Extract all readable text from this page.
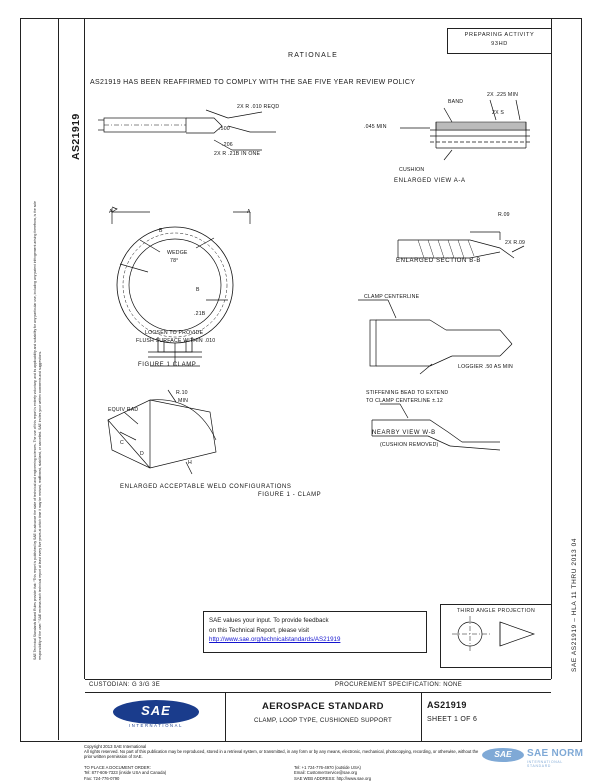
AS21919
SAE Technical Standards Board Rules provide that: “This report is published by SAE to advance the state of technical and engineering sciences. The use of this report is entirely voluntary, and its applicability and suitability for any particular use, including any patent infringement arising therefrom, is the sole responsibility of the user.” SAE reviews each technical report at least every five years at which time it may be revised, reaffirmed, stabilized, or cancelled. SAE invites your written comments and suggestions.	SAE AS21919 – HLA 11 THRU 2013 04
PREPARING ACTIVITY
93HD
RATIONALE
AS21919 HAS BEEN REAFFIRMED TO COMPLY WITH THE SAE FIVE YEAR REVIEW POLICY
2X R .010 REQD
.500
.206
2X R .21B IN ONE
2X .225 MIN
2X S
BAND
.045 MIN
CUSHION
ENLARGED VIEW A-A
R.09
2X R.09
ENLARGED SECTION B-B
CLAMP CENTERLINE
LOGGIER .50 AS MIN
STIFFENING BEAD TO EXTEND
TO CLAMP CENTERLINE ±.12
NEARBY VIEW W-B
(CUSHION REMOVED)
A	A
B
B
WEDGE
78°
.21B
LOOSEN TO PROVIDE
FLUSH SURFACE WITHIN .010
FIGURE 1 CLAMP
R.10
MIN
EQUIV RAD
C
D
H
ENLARGED ACCEPTABLE WELD CONFIGURATIONS
FIGURE 1 - CLAMP
SAE values your input. To provide feedback
on this Technical Report, please visit
http://www.sae.org/technicalstandards/AS21919
THIRD ANGLE PROJECTION
CUSTODIAN: G 3/G 3E	PROCUREMENT SPECIFICATION: NONE
SAE
INTERNATIONAL
AEROSPACE STANDARD
CLAMP, LOOP TYPE, CUSHIONED SUPPORT
AS21919
SHEET 1 OF 6
Copyright 2013 SAE International
All rights reserved. No part of this publication may be reproduced, stored in a retrieval system, or transmitted, in any form or by any means, electronic, mechanical, photocopying, recording, or otherwise, without the prior written permission of SAE.
TO PLACE A DOCUMENT ORDER:
Tel: 877-606-7323 (inside USA and Canada)
Fax: 724-776-0790
Tel: +1 724-776-4970 (outside USA)
Email: CustomerService@sae.org
SAE WEB ADDRESS: http://www.sae.org
SAE	SAE NORM
INTERNATIONAL STANDARD
